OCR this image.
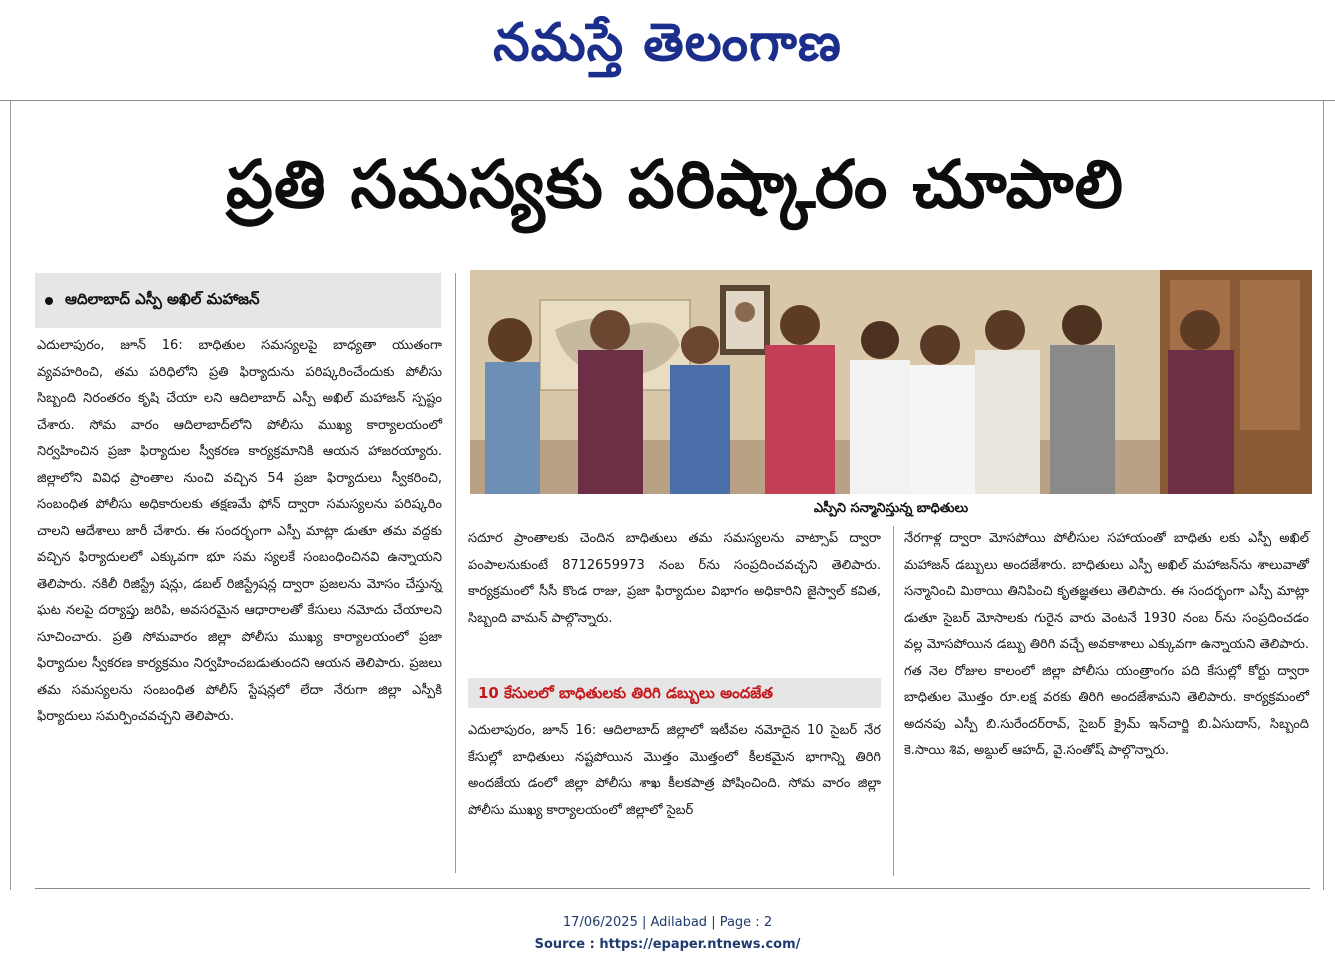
నమస్తే తెలంగాణ
ప్రతి సమస్యకు పరిష్కారం చూపాలి
ఆదిలాబాద్ ఎస్పీ అఖిల్ మహాజన్

ఎదులాపురం, జూన్ 16: బాధితుల సమస్యలపై బాధ్యతా యుతంగా వ్యవహరించి, తమ పరిధిలోని ప్రతి ఫిర్యాదును పరిష్కరించేందుకు పోలీసు సిబ్బంది నిరంతరం కృషి చేయా లని ఆదిలాబాద్ ఎస్పీ అఖిల్ మహాజన్ స్పష్టం చేశారు. సోమ వారం ఆదిలాబాద్‌లోని పోలీసు ముఖ్య కార్యాలయంలో నిర్వహించిన ప్రజా ఫిర్యాదుల స్వీకరణ కార్యక్రమానికి ఆయన హాజరయ్యారు. జిల్లాలోని వివిధ ప్రాంతాల నుంచి వచ్చిన 54 ప్రజా ఫిర్యాదులు స్వీకరించి, సంబంధిత పోలీసు అధికారులకు తక్షణమే ఫోన్ ద్వారా సమస్యలను పరిష్కరిం చాలని ఆదేశాలు జారీ చేశారు. ఈ సందర్భంగా ఎస్పీ మాట్లా డుతూ తమ వద్దకు వచ్చిన ఫిర్యాదులలో ఎక్కువగా భూ సమ స్యలకే సంబంధించినవి ఉన్నాయని తెలిపారు. నకిలీ రిజిస్ట్రే షన్లు, డబల్ రిజిస్ట్రేషన్ల ద్వారా ప్రజలను మోసం చేస్తున్న ఘట నలపై దర్యాప్తు జరిపి, అవసరమైన ఆధారాలతో కేసులు నమోదు చేయాలని సూచించారు. ప్రతి సోమవారం జిల్లా పోలీసు ముఖ్య కార్యాలయంలో ప్రజా ఫిర్యాదుల స్వీకరణ కార్యక్రమం నిర్వహించబడుతుందని ఆయన తెలిపారు. ప్రజలు తమ సమస్యలను సంబంధిత పోలీస్ స్టేషన్లలో లేదా నేరుగా జిల్లా ఎస్పీకి ఫిర్యాదులు సమర్పించవచ్చని తెలిపారు.

ఎస్పీని సన్మానిస్తున్న బాధితులు

సదూర ప్రాంతాలకు చెందిన బాధితులు తమ సమస్యలను వాట్సాప్ ద్వారా పంపాలనుకుంటే 8712659973 నంబ ర్‌ను సంప్రదించవచ్చని తెలిపారు. కార్యక్రమంలో సీసీ కొండ రాజు, ప్రజా ఫిర్యాదుల విభాగం అధికారిని జైస్వాల్ కవిత, సిబ్బంది వామన్ పాల్గొన్నారు.

10 కేసులలో బాధితులకు తిరిగి డబ్బులు అందజేత

ఎదులాపురం, జూన్ 16: ఆదిలాబాద్ జిల్లాలో ఇటీవల నమోదైన 10 సైబర్ నేర కేసుల్లో బాధితులు నష్టపోయిన మొత్తం మొత్తంలో కీలకమైన భాగాన్ని తిరిగి అందజేయ డంలో జిల్లా పోలీసు శాఖ కీలకపాత్ర పోషించింది. సోమ వారం జిల్లా పోలీసు ముఖ్య కార్యాలయంలో జిల్లాలో సైబర్

నేరగాళ్ల ద్వారా మోసపోయి పోలీసుల సహాయంతో బాధితు లకు ఎస్పీ అఖిల్ మహాజన్ డబ్బులు అందజేశారు. బాధితులు ఎస్పీ అఖిల్ మహాజన్‌ను శాలువాతో సన్మానించి మిఠాయి తినిపించి కృతజ్ఞతలు తెలిపారు. ఈ సందర్భంగా ఎస్పీ మాట్లా డుతూ సైబర్ మోసాలకు గురైన వారు వెంటనే 1930 నంబ ర్‌ను సంప్రదించడం వల్ల మోసపోయిన డబ్బు తిరిగి వచ్చే అవకాశాలు ఎక్కువగా ఉన్నాయని తెలిపారు. గత నెల రోజుల కాలంలో జిల్లా పోలీసు యంత్రాంగం పది కేసుల్లో కోర్టు ద్వారా బాధితుల మొత్తం రూ.లక్ష వరకు తిరిగి అందజేశామని తెలిపారు. కార్యక్రమంలో అదనపు ఎస్పీ బి.సురేందర్‌రావ్, సైబర్ క్రైమ్ ఇన్‌చార్జి బి.ఏసుదాస్, సిబ్బంది కె.సాయి శివ, అబ్దుల్ ఆహద్, వై.సంతోష్ పాల్గొన్నారు.

17/06/2025 | Adilabad | Page : 2
Source : https://epaper.ntnews.com/
